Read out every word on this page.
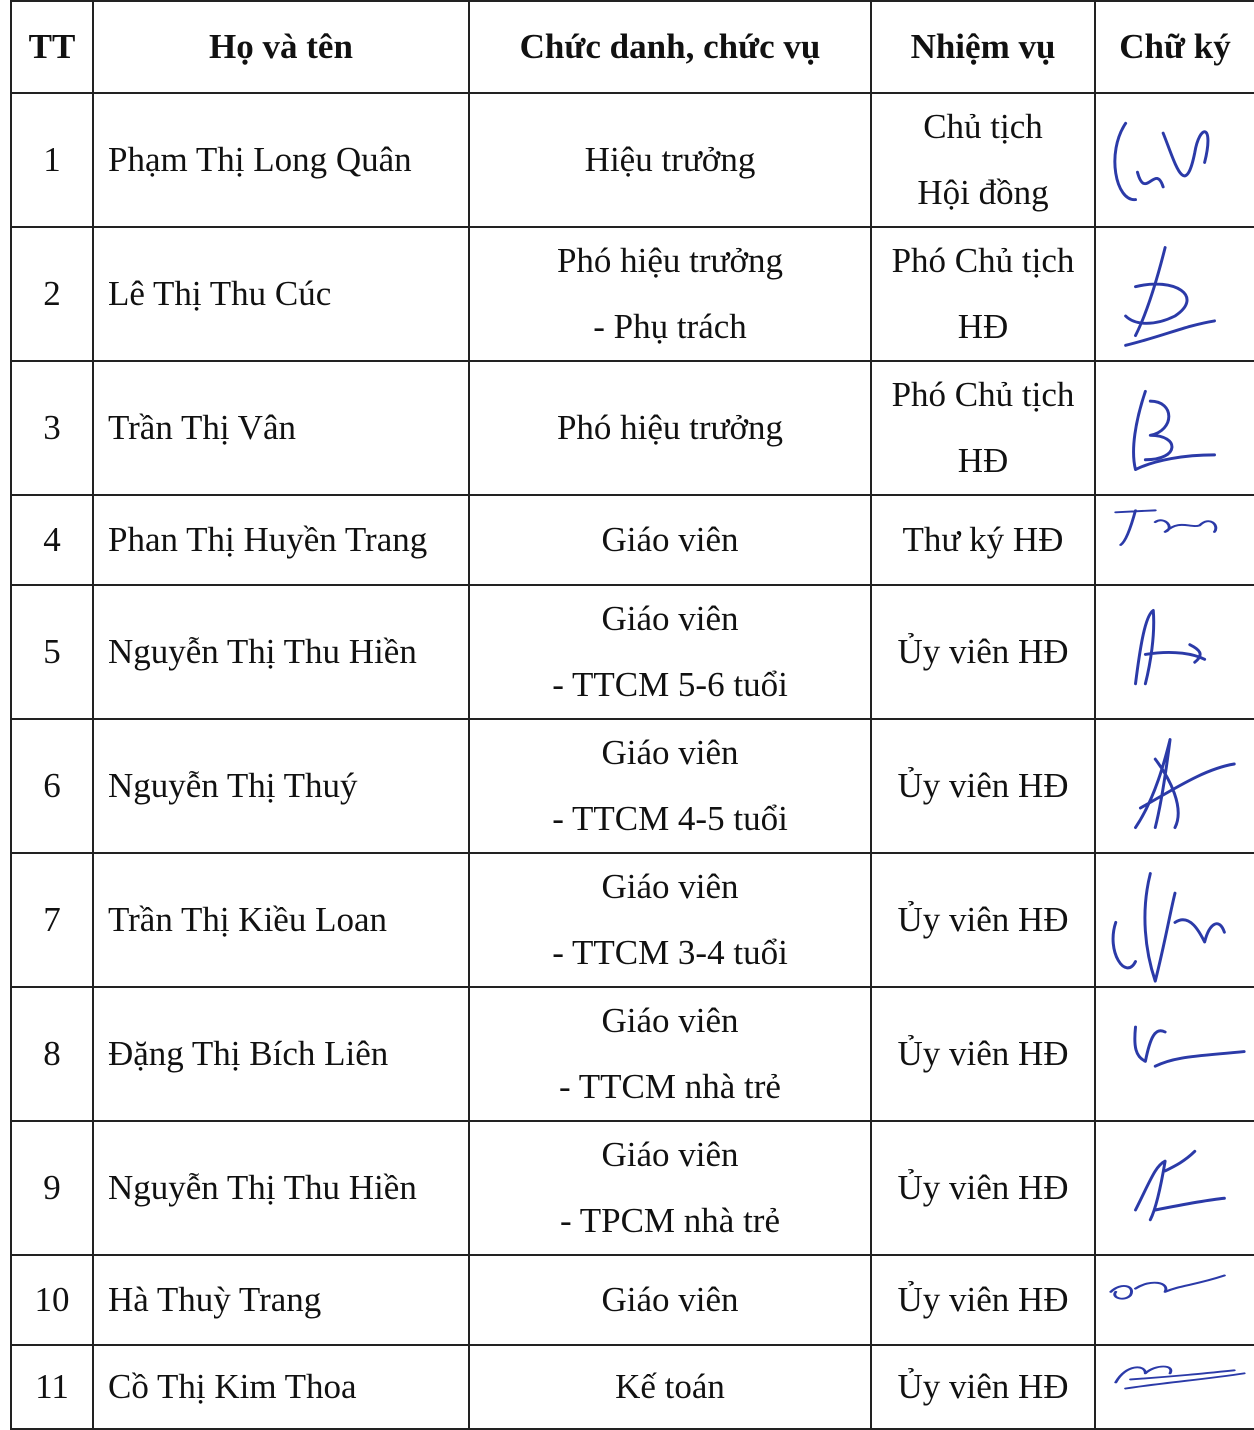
TT	Họ và tên	Chức danh, chức vụ	Nhiệm vụ	Chữ ký
1	Phạm Thị Long Quân	Hiệu trưởng	Chủ tịch
Hội đồng

2	Lê Thị Thu Cúc	Phó hiệu trưởng
- Phụ trách	Phó Chủ tịch
HĐ

3	Trần Thị Vân	Phó hiệu trưởng	Phó Chủ tịch
HĐ

4	Phan Thị Huyền Trang	Giáo viên	Thư ký HĐ

5	Nguyễn Thị Thu Hiền	Giáo viên
- TTCM 5-6 tuổi	Ủy viên HĐ

6	Nguyễn Thị Thuý	Giáo viên
- TTCM 4-5 tuổi	Ủy viên HĐ

7	Trần Thị Kiều Loan	Giáo viên
- TTCM 3-4 tuổi	Ủy viên HĐ

8	Đặng Thị Bích Liên	Giáo viên
- TTCM nhà trẻ	Ủy viên HĐ

9	Nguyễn Thị Thu Hiền	Giáo viên
- TPCM nhà trẻ	Ủy viên HĐ

10	Hà Thuỳ Trang	Giáo viên	Ủy viên HĐ

11	Cồ Thị Kim Thoa	Kế toán	Ủy viên HĐ
